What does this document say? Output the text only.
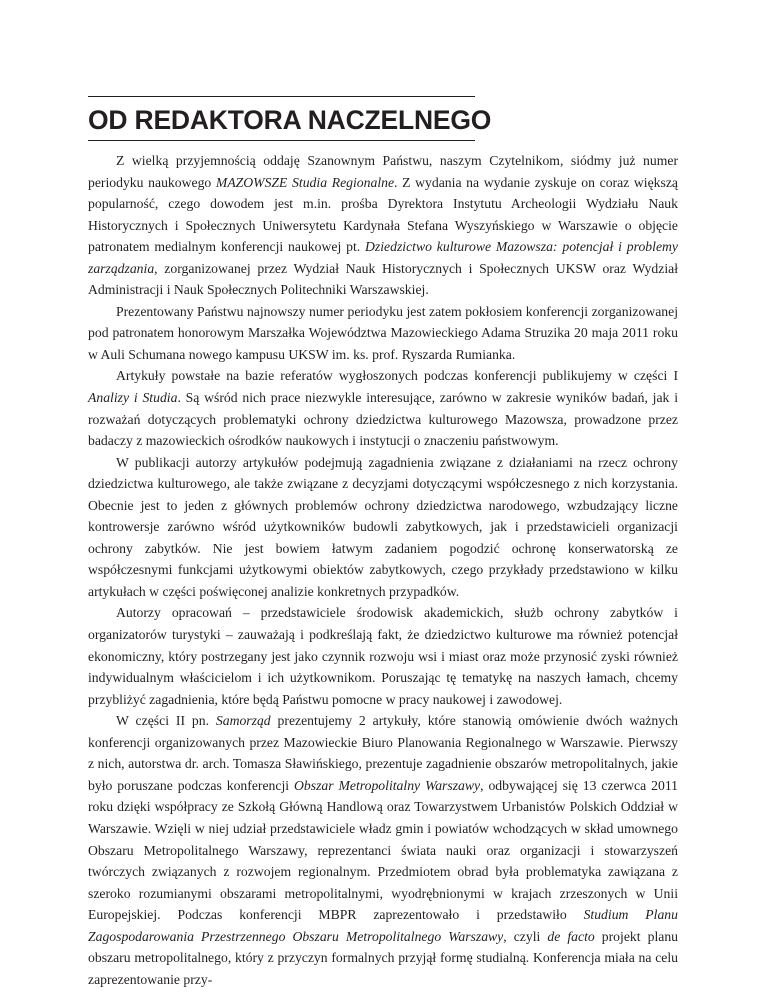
OD REDAKTORA NACZELNEGO

Z wielką przyjemnością oddaję Szanownym Państwu, naszym Czytelnikom, siódmy już numer periodyku naukowego MAZOWSZE Studia Regionalne. Z wydania na wydanie zyskuje on coraz większą popularność, czego dowodem jest m.in. prośba Dyrektora Instytutu Archeologii Wydziału Nauk Historycznych i Społecznych Uniwersytetu Kardynała Stefana Wyszyńskiego w Warszawie o objęcie patronatem medialnym konferencji naukowej pt. Dziedzictwo kulturowe Mazowsza: potencjał i problemy zarządzania, zorganizowanej przez Wydział Nauk Historycznych i Społecznych UKSW oraz Wydział Administracji i Nauk Społecznych Politechniki Warszawskiej.

Prezentowany Państwu najnowszy numer periodyku jest zatem pokłosiem konferencji zorganizowanej pod patronatem honorowym Marszałka Województwa Mazowieckiego Adama Struzika 20 maja 2011 roku w Auli Schumana nowego kampusu UKSW im. ks. prof. Ryszarda Rumianka.

Artykuły powstałe na bazie referatów wygłoszonych podczas konferencji publikujemy w części I Analizy i Studia. Są wśród nich prace niezwykle interesujące, zarówno w zakresie wyników badań, jak i rozważań dotyczących problematyki ochrony dziedzictwa kulturowego Mazowsza, prowadzone przez badaczy z mazowieckich ośrodków naukowych i instytucji o znaczeniu państwowym.

W publikacji autorzy artykułów podejmują zagadnienia związane z działaniami na rzecz ochrony dziedzictwa kulturowego, ale także związane z decyzjami dotyczącymi współczesnego z nich korzystania. Obecnie jest to jeden z głównych problemów ochrony dziedzictwa narodowego, wzbudzający liczne kontrowersje zarówno wśród użytkowników budowli zabytkowych, jak i przedstawicieli organizacji ochrony zabytków. Nie jest bowiem łatwym zadaniem pogodzić ochronę konserwatorską ze współczesnymi funkcjami użytkowymi obiektów zabytkowych, czego przykłady przedstawiono w kilku artykułach w części poświęconej analizie konkretnych przypadków.

Autorzy opracowań – przedstawiciele środowisk akademickich, służb ochrony zabytków i organizatorów turystyki – zauważają i podkreślają fakt, że dziedzictwo kulturowe ma również potencjał ekonomiczny, który postrzegany jest jako czynnik rozwoju wsi i miast oraz może przynosić zyski również indywidualnym właścicielom i ich użytkownikom. Poruszając tę tematykę na naszych łamach, chcemy przybliżyć zagadnienia, które będą Państwu pomocne w pracy naukowej i zawodowej.

W części II pn. Samorząd prezentujemy 2 artykuły, które stanowią omówienie dwóch ważnych konferencji organizowanych przez Mazowieckie Biuro Planowania Regionalnego w Warszawie. Pierwszy z nich, autorstwa dr. arch. Tomasza Sławińskiego, prezentuje zagadnienie obszarów metropolitalnych, jakie było poruszane podczas konferencji Obszar Metropolitalny Warszawy, odbywającej się 13 czerwca 2011 roku dzięki współpracy ze Szkołą Główną Handlową oraz Towarzystwem Urbanistów Polskich Oddział w Warszawie. Wzięli w niej udział przedstawiciele władz gmin i powiatów wchodzących w skład umownego Obszaru Metropolitalnego Warszawy, reprezentanci świata nauki oraz organizacji i stowarzyszeń twórczych związanych z rozwojem regionalnym. Przedmiotem obrad była problematyka zawiązana z szeroko rozumianymi obszarami metropolitalnymi, wyodrębnionymi w krajach zrzeszonych w Unii Europejskiej. Podczas konferencji MBPR zaprezentowało i przedstawiło Studium Planu Zagospodarowania Przestrzennego Obszaru Metropolitalnego Warszawy, czyli de facto projekt planu obszaru metropolitalnego, który z przyczyn formalnych przyjął formę studialną. Konferencja miała na celu zaprezentowanie przy-
